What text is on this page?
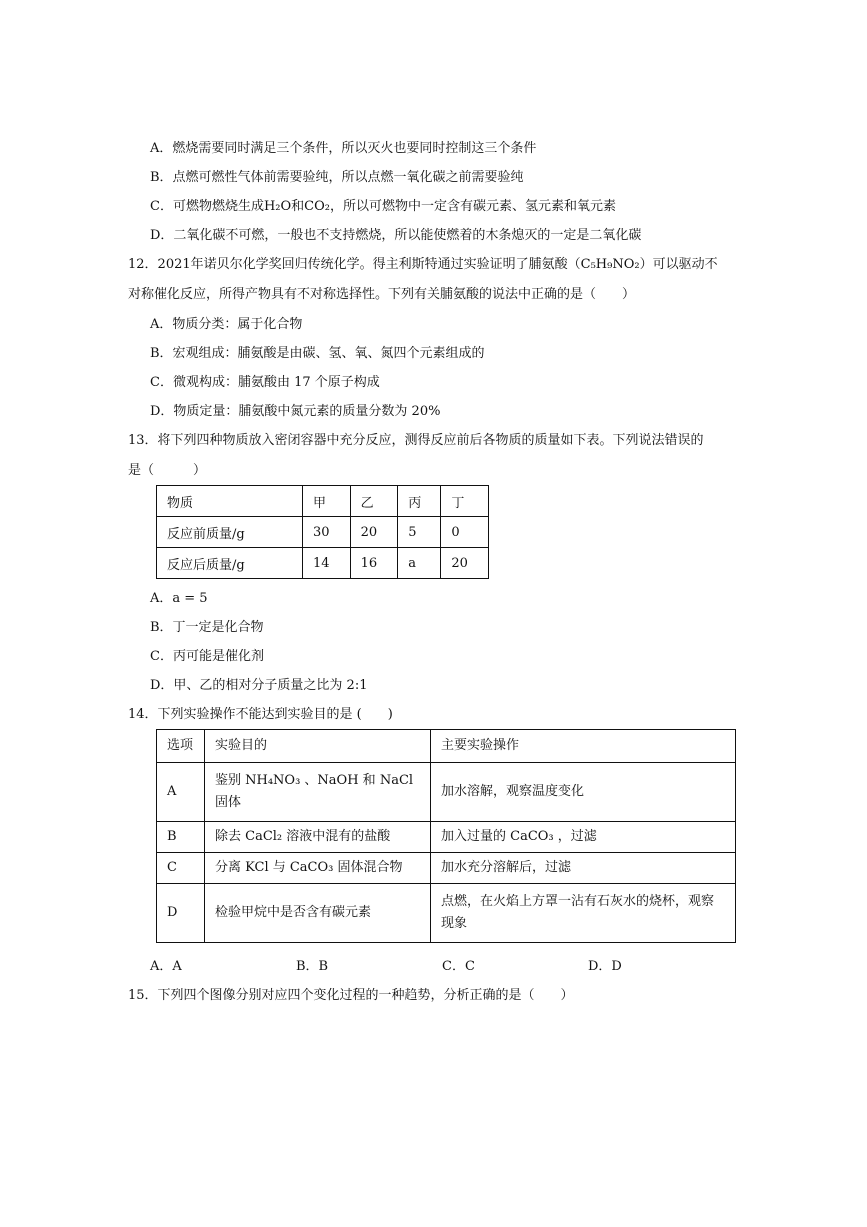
A．燃烧需要同时满足三个条件，所以灭火也要同时控制这三个条件
B．点燃可燃性气体前需要验纯，所以点燃一氧化碳之前需要验纯
C．可燃物燃烧生成H₂O和CO₂，所以可燃物中一定含有碳元素、氢元素和氧元素
D．二氧化碳不可燃，一般也不支持燃烧，所以能使燃着的木条熄灭的一定是二氧化碳
12．2021年诺贝尔化学奖回归传统化学。得主利斯特通过实验证明了脯氨酸（C₅H₉NO₂）可以驱动不
对称催化反应，所得产物具有不对称选择性。下列有关脯氨酸的说法中正确的是（　　）
A．物质分类：属于化合物
B．宏观组成：脯氨酸是由碳、氢、氧、氮四个元素组成的
C．微观构成：脯氨酸由 17 个原子构成
D．物质定量：脯氨酸中氮元素的质量分数为 20%
13．将下列四种物质放入密闭容器中充分反应，测得反应前后各物质的质量如下表。下列说法错误的
是（　　　）
物质	甲	乙	丙	丁
反应前质量/g	30	20	5	0
反应后质量/g	14	16	a	20
A．a = 5
B．丁一定是化合物
C．丙可能是催化剂
D．甲、乙的相对分子质量之比为 2:1
14．下列实验操作不能达到实验目的是 (　　)
选项	实验目的	主要实验操作
A	鉴别 NH₄NO₃ 、NaOH 和 NaCl 固体	加水溶解，观察温度变化
B	除去 CaCl₂ 溶液中混有的盐酸	加入过量的 CaCO₃ ，过滤
C	分离 KCl 与 CaCO₃ 固体混合物	加水充分溶解后，过滤
D	检验甲烷中是否含有碳元素	点燃，在火焰上方罩一沾有石灰水的烧杯，观察现象
A．A	B．B	C．C	D．D
15．下列四个图像分别对应四个变化过程的一种趋势，分析正确的是（　　）
